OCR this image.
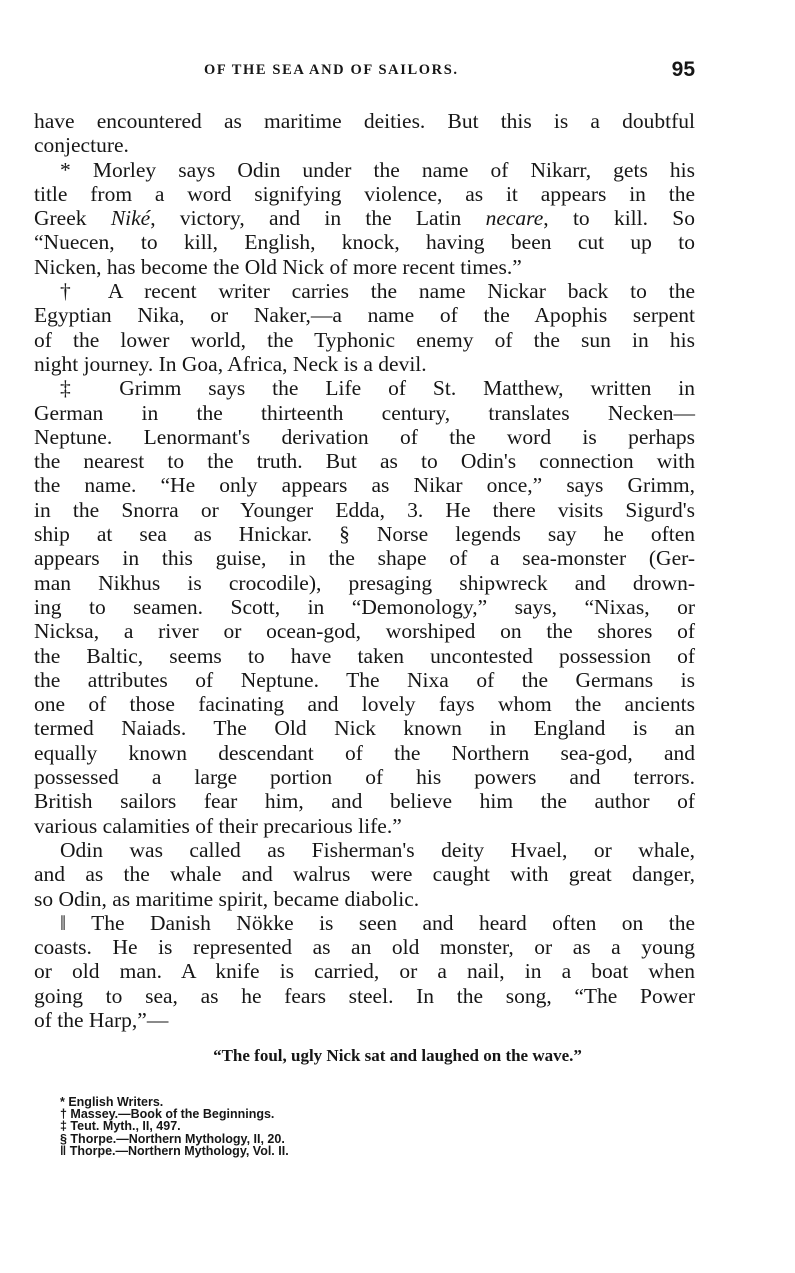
OF THE SEA AND OF SAILORS.	95
have encountered as maritime deities. But this is a doubtful
conjecture.
* Morley says Odin under the name of Nikarr, gets his
title from a word signifying violence, as it appears in the
Greek Niké, victory, and in the Latin necare, to kill. So
“Nuecen, to kill, English, knock, having been cut up to
Nicken, has become the Old Nick of more recent times.”
† A recent writer carries the name Nickar back to the
Egyptian Nika, or Naker,—a name of the Apophis serpent
of the lower world, the Typhonic enemy of the sun in his
night journey. In Goa, Africa, Neck is a devil.
‡ Grimm says the Life of St. Matthew, written in
German in the thirteenth century, translates Necken—
Neptune. Lenormant's derivation of the word is perhaps
the nearest to the truth. But as to Odin's connection with
the name. “He only appears as Nikar once,” says Grimm,
in the Snorra or Younger Edda, 3. He there visits Sigurd's
ship at sea as Hnickar. § Norse legends say he often
appears in this guise, in the shape of a sea-monster (Ger-
man Nikhus is crocodile), presaging shipwreck and drown-
ing to seamen. Scott, in “Demonology,” says, “Nixas, or
Nicksa, a river or ocean-god, worshiped on the shores of
the Baltic, seems to have taken uncontested possession of
the attributes of Neptune. The Nixa of the Germans is
one of those facinating and lovely fays whom the ancients
termed Naiads. The Old Nick known in England is an
equally known descendant of the Northern sea-god, and
possessed a large portion of his powers and terrors.
British sailors fear him, and believe him the author of
various calamities of their precarious life.”
Odin was called as Fisherman's deity Hvael, or whale,
and as the whale and walrus were caught with great danger,
so Odin, as maritime spirit, became diabolic.
‖ The Danish Nökke is seen and heard often on the
coasts. He is represented as an old monster, or as a young
or old man. A knife is carried, or a nail, in a boat when
going to sea, as he fears steel. In the song, “The Power
of the Harp,”—
“The foul, ugly Nick sat and laughed on the wave.”
* English Writers.
† Massey.—Book of the Beginnings.
‡ Teut. Myth., II, 497.
§ Thorpe.—Northern Mythology, II, 20.
‖ Thorpe.—Northern Mythology, Vol. II.
